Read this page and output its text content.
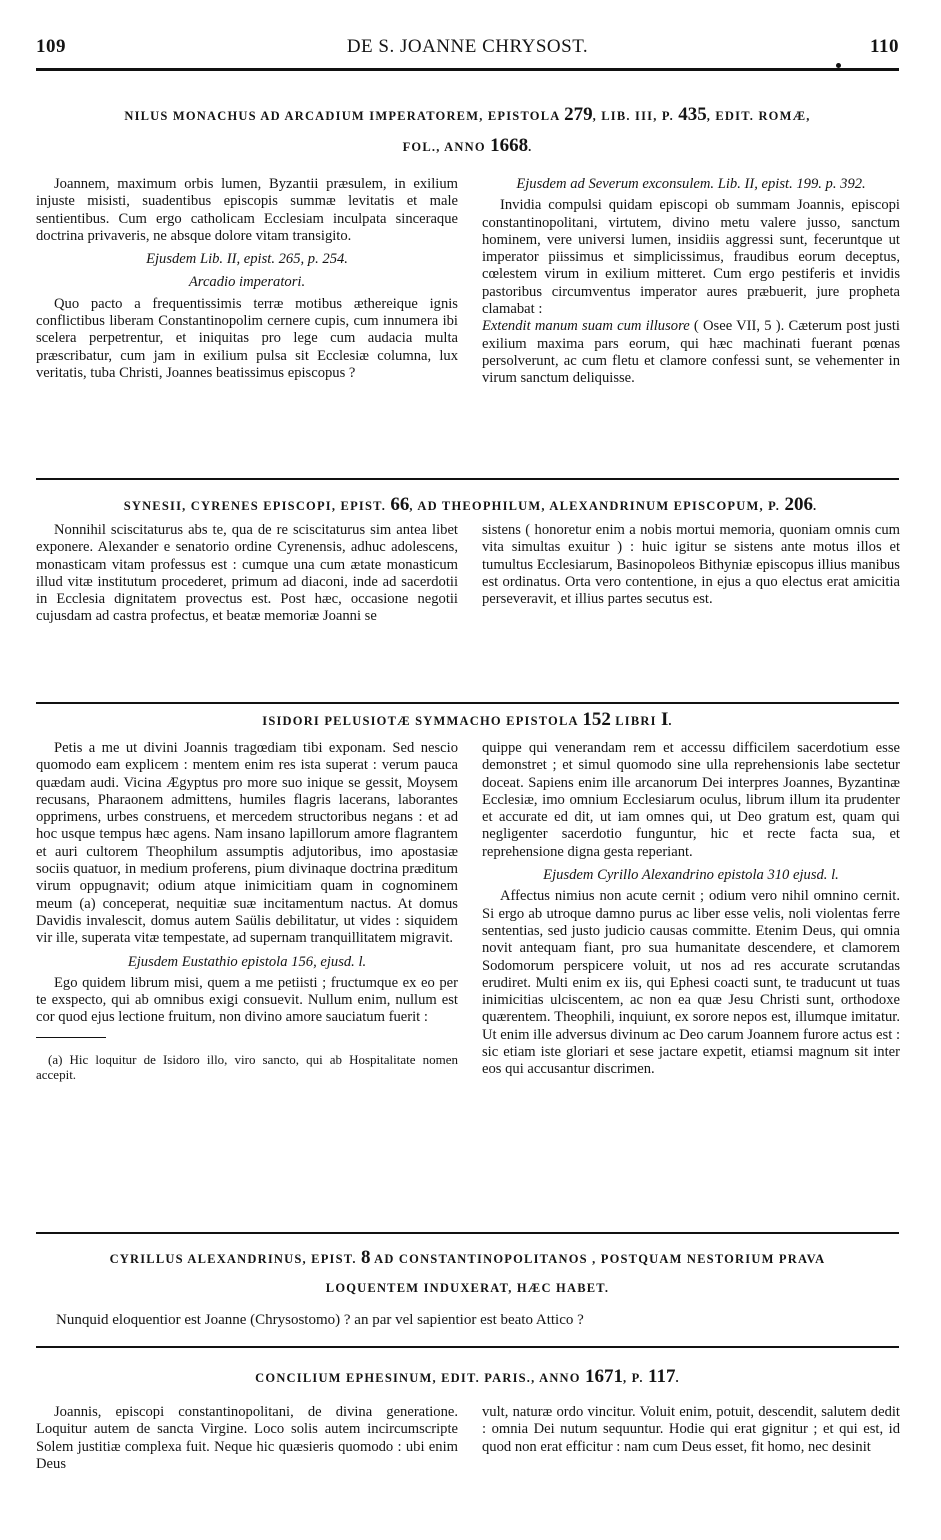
109	DE S. JOANNE CHRYSOST.	110
NILUS MONACHUS AD ARCADIUM IMPERATOREM, EPISTOLA 279, LIB. III, P. 435, EDIT. ROMÆ,
FOL., ANNO 1668.

Joannem, maximum orbis lumen, Byzantii præsulem, in exilium injuste misisti, suadentibus episcopis summæ levitatis et male sentientibus. Cum ergo catholicam Ecclesiam inculpata sinceraque doctrina privaveris, ne absque dolore vitam transigito.

Ejusdem Lib. II, epist. 265, p. 254.

Arcadio imperatori.

Quo pacto a frequentissimis terræ motibus æthereique ignis conflictibus liberam Constantinopolim cernere cupis, cum innumera ibi scelera perpetrentur, et iniquitas pro lege cum audacia multa præscribatur, cum jam in exilium pulsa sit Ecclesiæ columna, lux veritatis, tuba Christi, Joannes beatissimus episcopus ?

Ejusdem ad Severum exconsulem. Lib. II, epist. 199. p. 392.

Invidia compulsi quidam episcopi ob summam Joannis, episcopi constantinopolitani, virtutem, divino metu valere jusso, sanctum hominem, vere universi lumen, insidiis aggressi sunt, feceruntque ut imperator piissimus et simplicissimus, fraudibus eorum deceptus, cœlestem virum in exilium mitteret. Cum ergo pestiferis et invidis pastoribus circumventus imperator aures præbuerit, jure propheta clamabat :
Extendit manum suam cum illusore ( Osee VII, 5 ). Cæterum post justi exilium maxima pars eorum, qui hæc machinati fuerant pœnas persolverunt, ac cum fletu et clamore confessi sunt, se vehementer in virum sanctum deliquisse.

SYNESII, CYRENES EPISCOPI, EPIST. 66, AD THEOPHILUM, ALEXANDRINUM EPISCOPUM, P. 206.

Nonnihil sciscitaturus abs te, qua de re sciscitaturus sim antea libet exponere. Alexander e senatorio ordine Cyrenensis, adhuc adolescens, monasticam vitam professus est : cumque una cum ætate monasticum illud vitæ institutum procederet, primum ad diaconi, inde ad sacerdotii in Ecclesia dignitatem provectus est. Post hæc, occasione negotii cujusdam ad castra profectus, et beatæ memoriæ Joanni se

sistens ( honoretur enim a nobis mortui memoria, quoniam omnis cum vita simultas exuitur ) : huic igitur se sistens ante motus illos et tumultus Ecclesiarum, Basinopoleos Bithyniæ episcopus illius manibus est ordinatus. Orta vero contentione, in ejus a quo electus erat amicitia perseveravit, et illius partes secutus est.

ISIDORI PELUSIOTÆ SYMMACHO EPISTOLA 152 LIBRI I.

Petis a me ut divini Joannis tragœdiam tibi exponam. Sed nescio quomodo eam explicem : mentem enim res ista superat : verum pauca quædam audi. Vicina Ægyptus pro more suo inique se gessit, Moysem recusans, Pharaonem admittens, humiles flagris lacerans, laborantes opprimens, urbes construens, et mercedem structoribus negans : et ad hoc usque tempus hæc agens. Nam insano lapillorum amore flagrantem et auri cultorem Theophilum assumptis adjutoribus, imo apostasiæ sociis quatuor, in medium proferens, pium divinaque doctrina præditum virum oppugnavit; odium atque inimicitiam quam in cognominem meum (a) conceperat, nequitiæ suæ incitamentum nactus. At domus Davidis invalescit, domus autem Saülis debilitatur, ut vides : siquidem vir ille, superata vitæ tempestate, ad supernam tranquillitatem migravit.

Ejusdem Eustathio epistola 156, ejusd. l.

Ego quidem librum misi, quem a me petiisti ; fructumque ex eo per te exspecto, qui ab omnibus exigi consuevit. Nullum enim, nullum est cor quod ejus lectione fruitum, non divino amore sauciatum fuerit :

(a) Hic loquitur de Isidoro illo, viro sancto, qui ab Hospitalitate nomen accepit.

quippe qui venerandam rem et accessu difficilem sacerdotium esse demonstret ; et simul quomodo sine ulla reprehensionis labe sectetur doceat. Sapiens enim ille arcanorum Dei interpres Joannes, Byzantinæ Ecclesiæ, imo omnium Ecclesiarum oculus, librum illum ita prudenter et accurate ed dit, ut iam omnes qui, ut Deo gratum est, quam qui negligenter sacerdotio funguntur, hic et recte facta sua, et reprehensione digna gesta reperiant.

Ejusdem Cyrillo Alexandrino epistola 310 ejusd. l.

Affectus nimius non acute cernit ; odium vero nihil omnino cernit. Si ergo ab utroque damno purus ac liber esse velis, noli violentas ferre sententias, sed justo judicio causas committe. Etenim Deus, qui omnia novit antequam fiant, pro sua humanitate descendere, et clamorem Sodomorum perspicere voluit, ut nos ad res accurate scrutandas erudiret. Multi enim ex iis, qui Ephesi coacti sunt, te traducunt ut tuas inimicitias ulciscentem, ac non ea quæ Jesu Christi sunt, orthodoxe quærentem. Theophili, inquiunt, ex sorore nepos est, illumque imitatur. Ut enim ille adversus divinum ac Deo carum Joannem furore actus est : sic etiam iste gloriari et sese jactare expetit, etiamsi magnum sit inter eos qui accusantur discrimen.

CYRILLUS ALEXANDRINUS, EPIST. 8 AD CONSTANTINOPOLITANOS , POSTQUAM NESTORIUM PRAVA
LOQUENTEM INDUXERAT, HÆC HABET.
Nunquid eloquentior est Joanne (Chrysostomo) ? an par vel sapientior est beato Attico ?
CONCILIUM EPHESINUM, EDIT. PARIS., ANNO 1671, P. 117.

Joannis, episcopi constantinopolitani, de divina generatione. Loquitur autem de sancta Virgine. Loco solis autem incircumscripte Solem justitiæ complexa fuit. Neque hic quæsieris quomodo : ubi enim Deus

vult, naturæ ordo vincitur. Voluit enim, potuit, descendit, salutem dedit : omnia Dei nutum sequuntur. Hodie qui erat gignitur ; et qui est, id quod non erat efficitur : nam cum Deus esset, fit homo, nec desinit
